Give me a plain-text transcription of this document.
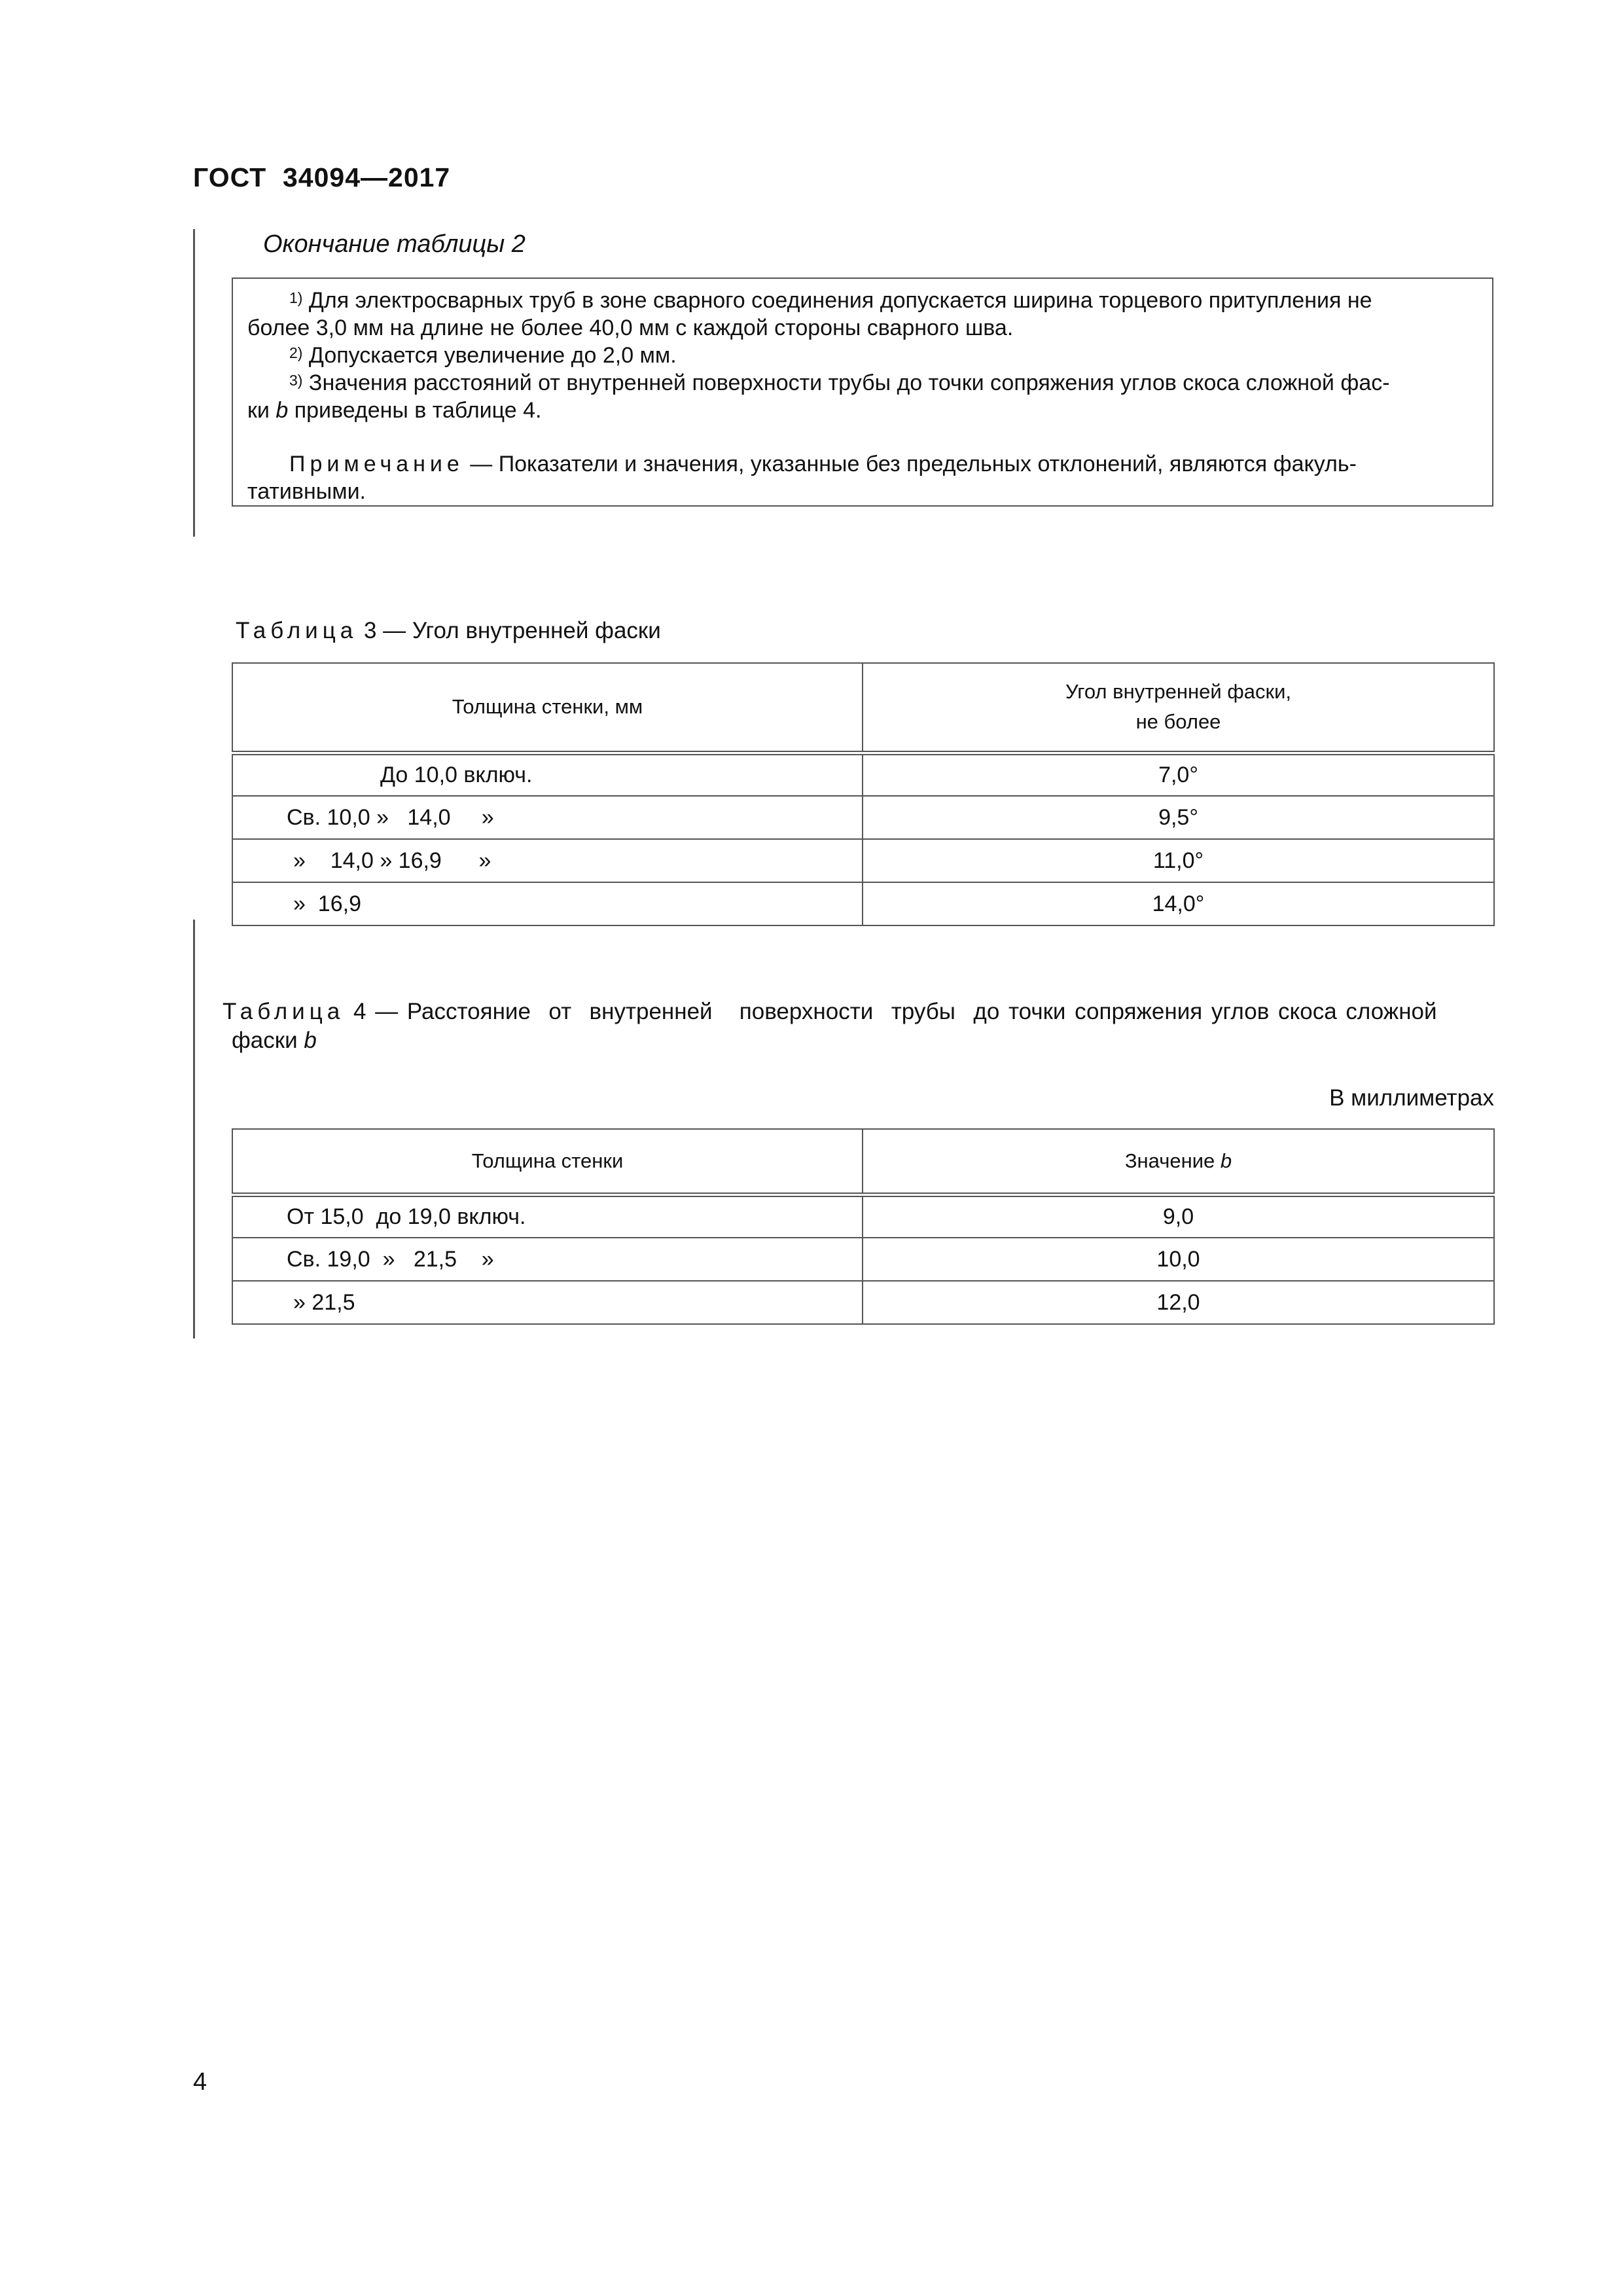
ГОСТ  34094—2017
Окончание таблицы 2
$^{1)}$ Для электросварных труб в зоне сварного соединения допускается ширина торцевого притупления не
более 3,0 мм на длине не более 40,0 мм с каждой стороны сварного шва.
$^{2)}$ Допускается увеличение до 2,0 мм.
$^{3)}$ Значения расстояний от внутренней поверхности трубы до точки сопряжения углов скоса сложной фас-
ки b приведены в таблице 4.
Примечание — Показатели и значения, указанные без предельных отклонений, являются факуль-
тативными.
Таблица 3 — Угол внутренней фаски
Толщина стенки, мм	Угол внутренней фаски,
не более
До 10,0 включ.	7,0°
Св. 10,0 »   14,0     »	9,5°
»    14,0 » 16,9      »	11,0°
»  16,9	14,0°
Таблица 4 — Расстояние  от  внутренней   поверхности  трубы  до точки сопряжения углов скоса сложной
фаски b
В миллиметрах
Толщина стенки	Значение b
От 15,0  до 19,0 включ.	9,0
Св. 19,0  »   21,5    »	10,0
» 21,5	12,0
4
